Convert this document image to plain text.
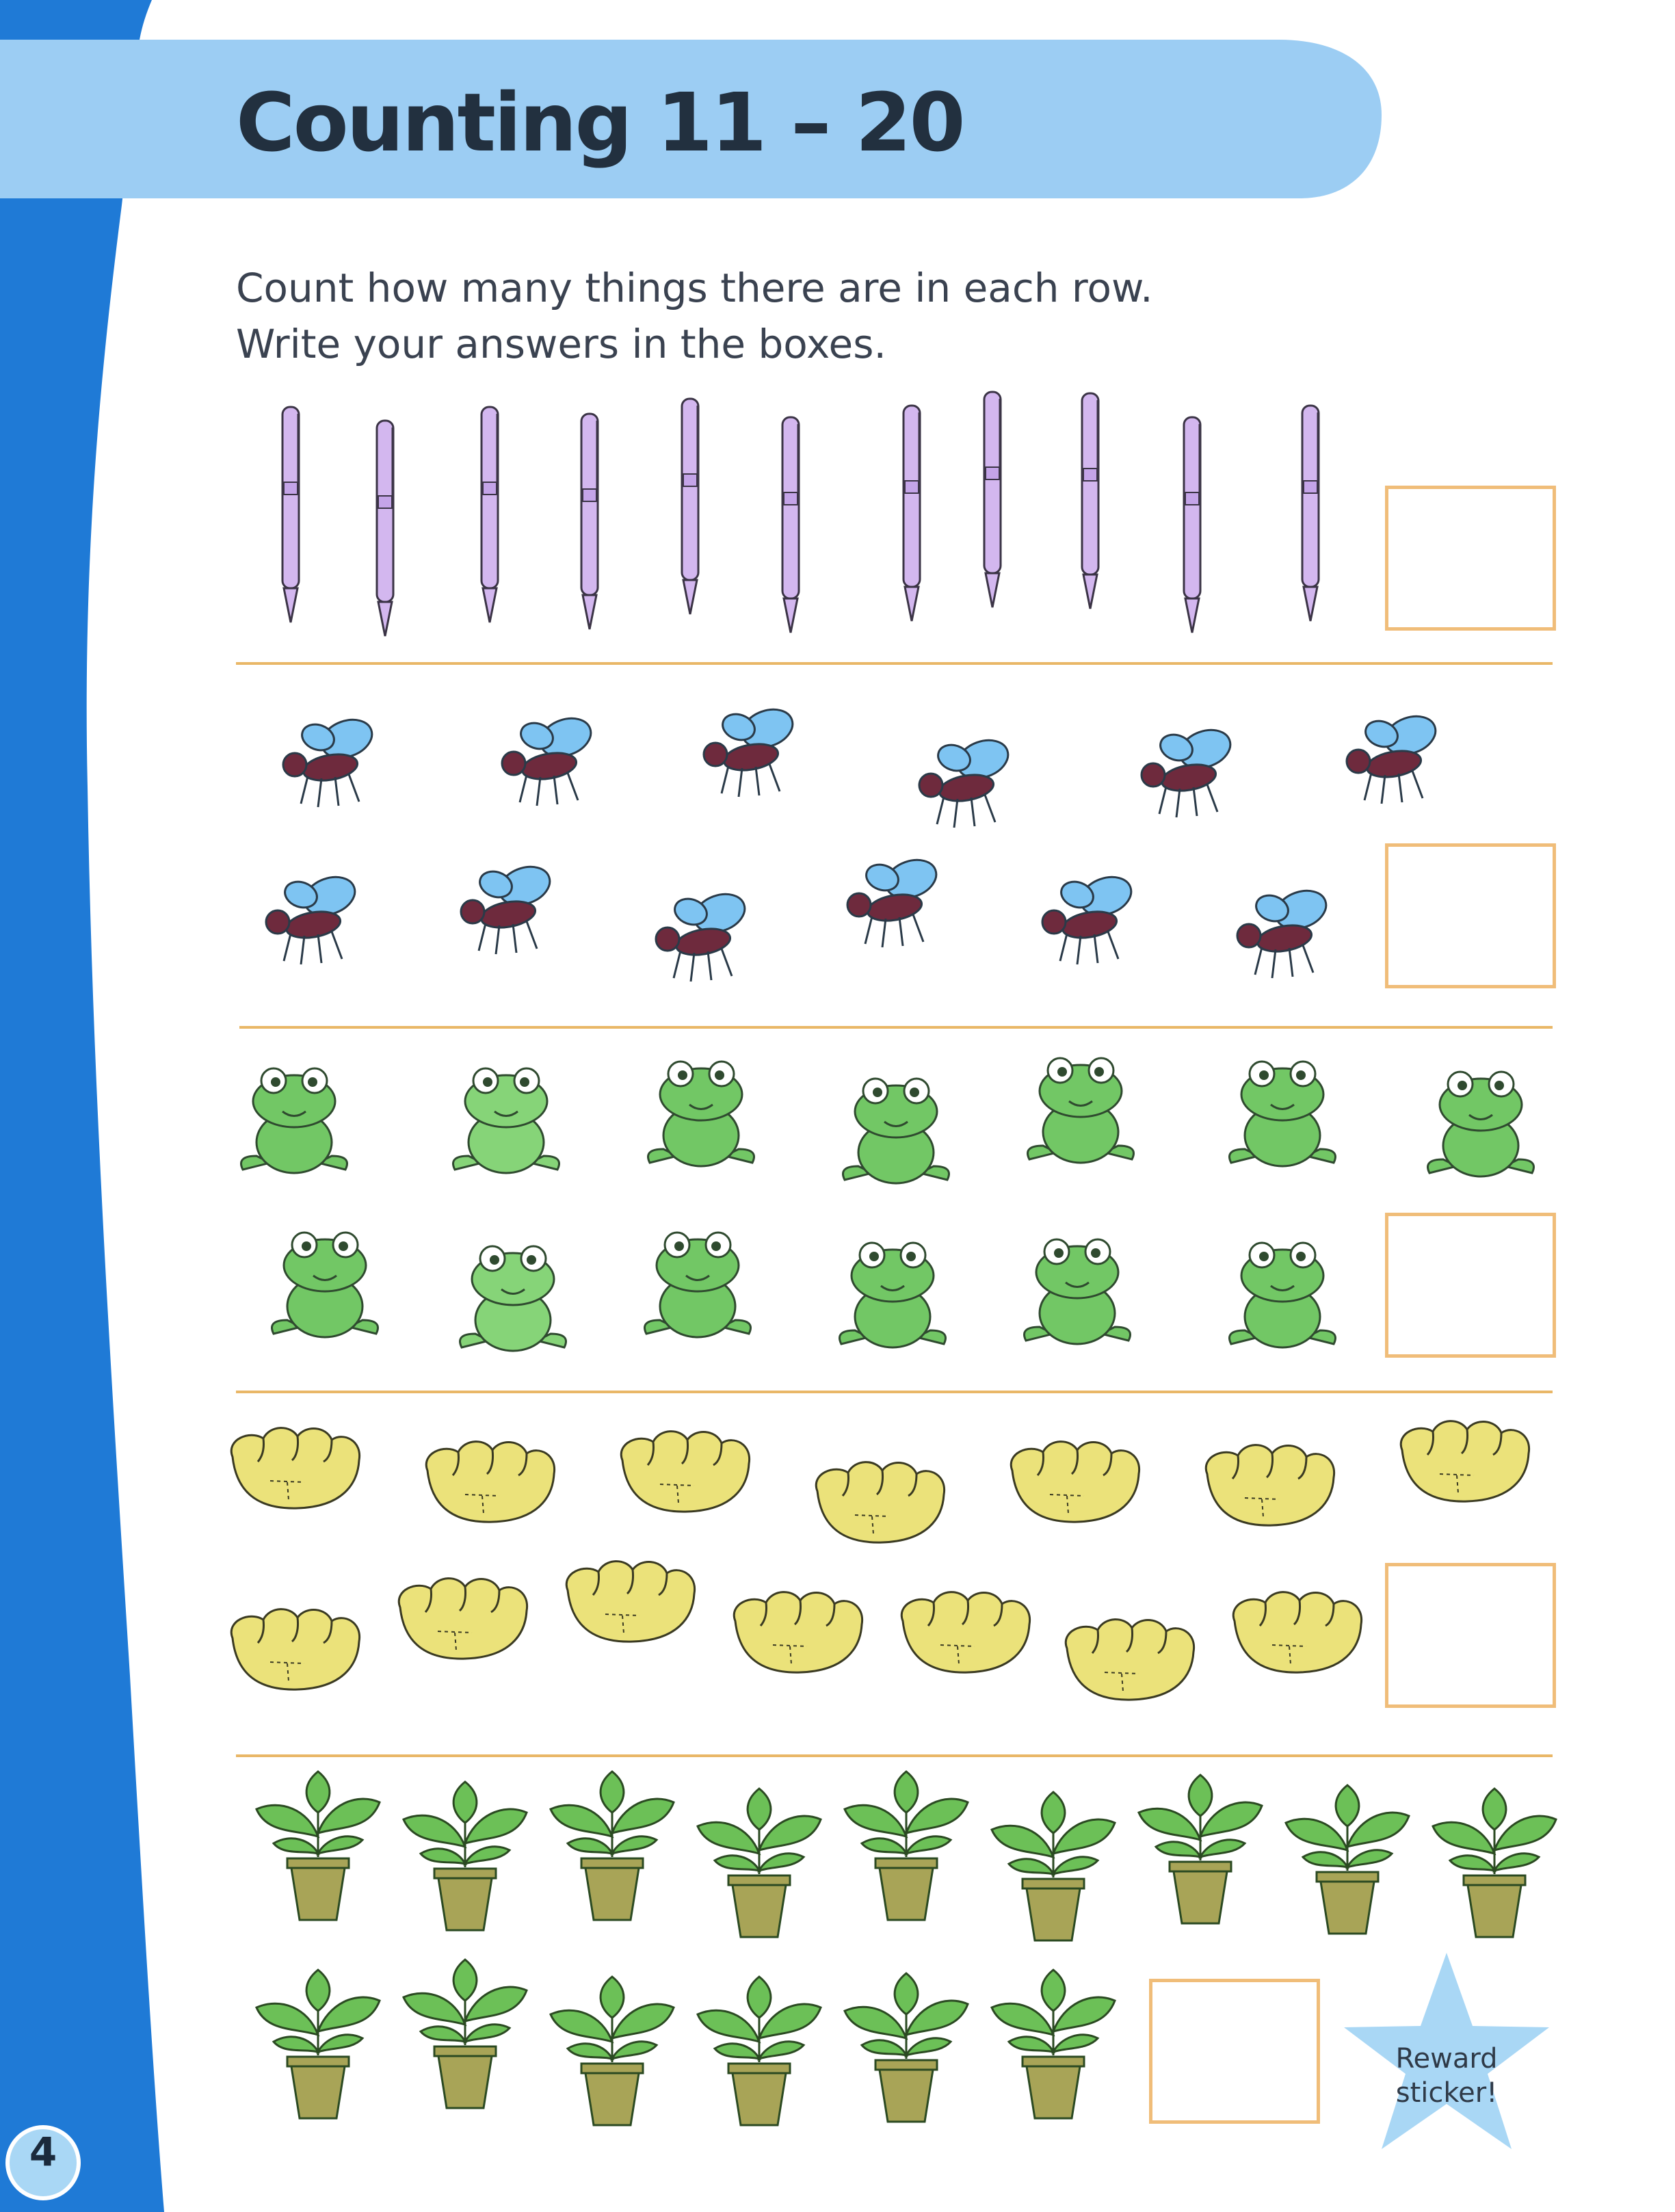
Counting 11 – 20

Count how many things there are in each row.
Write your answers in the boxes.

Reward
sticker!
4
